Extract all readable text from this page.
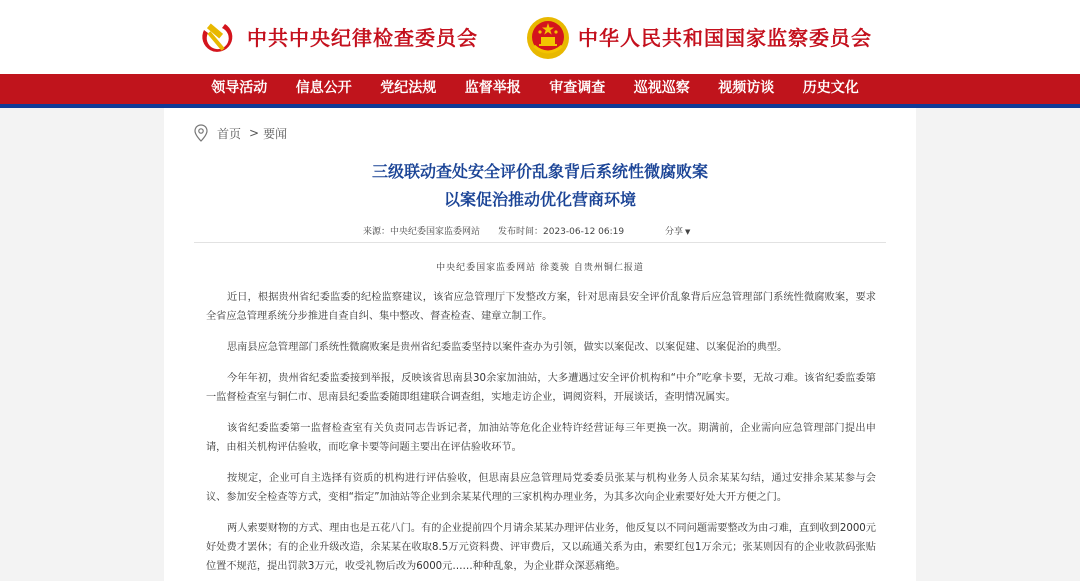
中共中央纪律检查委员会	中华人民共和国国家监察委员会
领导活动	信息公开	党纪法规	监督举报	审查调查	巡视巡察	视频访谈	历史文化
首页 > 要闻
三级联动查处安全评价乱象背后系统性微腐败案
以案促治推动优化营商环境
来源：中央纪委国家监委网站 发布时间：2023-06-12 06:19	分享 ▼
中央纪委国家监委网站 徐菱骏 自贵州铜仁报道

近日，根据贵州省纪委监委的纪检监察建议，该省应急管理厅下发整改方案，针对思南县安全评价乱象背后应急管理部门系统性微腐败案，要求全省应急管理系统分步推进自查自纠、集中整改、督查检查、建章立制工作。

思南县应急管理部门系统性微腐败案是贵州省纪委监委坚持以案件查办为引领，做实以案促改、以案促建、以案促治的典型。

今年年初，贵州省纪委监委接到举报，反映该省思南县30余家加油站，大多遭遇过安全评价机构和“中介”吃拿卡要，无故刁难。该省纪委监委第一监督检查室与铜仁市、思南县纪委监委随即组建联合调查组，实地走访企业，调阅资料，开展谈话，查明情况属实。

该省纪委监委第一监督检查室有关负责同志告诉记者，加油站等危化企业特许经营证每三年更换一次。期满前，企业需向应急管理部门提出申请，由相关机构评估验收，而吃拿卡要等问题主要出在评估验收环节。

按规定，企业可自主选择有资质的机构进行评估验收，但思南县应急管理局党委委员张某与机构业务人员余某某勾结，通过安排余某某参与会议、参加安全检查等方式，变相“指定”加油站等企业到余某某代理的三家机构办理业务，为其多次向企业索要好处大开方便之门。

两人索要财物的方式、理由也是五花八门。有的企业提前四个月请余某某办理评估业务，他反复以不同问题需要整改为由刁难，直到收到2000元好处费才罢休；有的企业升级改造，余某某在收取8.5万元资料费、评审费后，又以疏通关系为由，索要红包1万余元；张某则因有的企业收款码张贴位置不规范，提出罚款3万元，收受礼物后改为6000元……种种乱象，为企业群众深恶痛绝。
